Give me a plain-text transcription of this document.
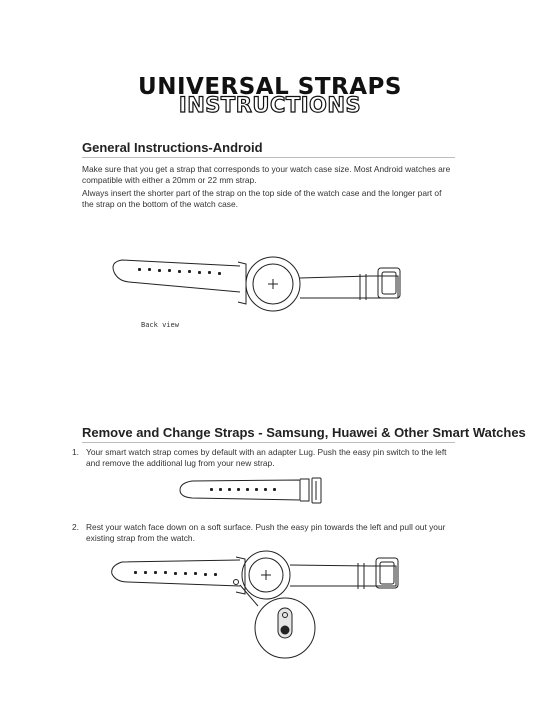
UNIVERSAL STRAPS
INSTRUCTIONS
General Instructions-Android
Make sure that you get a strap that corresponds to your watch case size. Most Android watches are compatible with either a 20mm or 22 mm strap.
Always insert the shorter part of the strap on the top side of the watch case and the longer part of the strap on the bottom of the watch case.
Back view
Remove and Change Straps - Samsung, Huawei & Other Smart Watches
1. Your smart watch strap comes by default with an adapter Lug. Push the easy pin switch to the left and remove the additional lug from your new strap.
2. Rest your watch face down on a soft surface. Push the easy pin towards the left and pull out your existing strap from the watch.
